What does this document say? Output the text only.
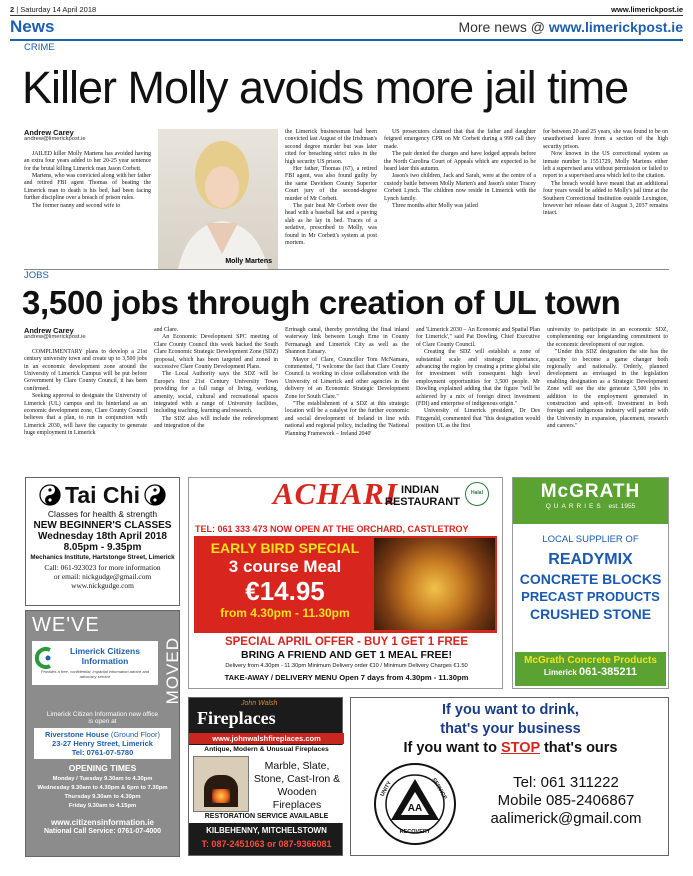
2 | Saturday 14 April 2018	www.limerickpost.ie
News	More news @ www.limerickpost.ie
CRIME
Killer Molly avoids more jail time
Andrew Carey
andrew@limerickpost.ie

JAILED killer Molly Martens has avoided having an extra four years added to her 20-25 year sentence for the brutal killing Limerick man Jason Corbett.

Martens, who was convicted along with her father and retired FBI agent Thomas of beating the Limerick man to death is his bed, had been facing further discipline over a breach of prison rules.

The former nanny and second wife to

Molly Martens

the Limerick businessman had been convicted last August of the Irishman's second degree murder but was later cited for breaching strict rules in the high security US prison.

Her father, Thomas (67), a retired FBI agent, was also found guilty by the same Davidson County Superior Court jury of the second-degree murder of Mr Corbett.

The pair beat Mr Corbett over the head with a baseball bat and a paving slab as he lay in bed. Traces of a sedative, prescribed to Molly, was found in Mr Corbett's system at post mortem.

US prosecutors claimed that that the father and daughter feigned emergency CPR on Mr Corbett during a 999 call they made.

The pair denied the charges and have lodged appeals before the North Carolina Court of Appeals which are expected to be heard later this autumn.

Jason's two children, Jack and Sarah, were at the centre of a custody battle between Molly Marten's and Jason's sister Tracey Corbett Lynch. The children now reside in Limerick with the Lynch family.

Three months after Molly was jailed

for between 20 and 25 years, she was found to be on unauthorised leave from a section of the high security prison.

Now known in the US correctional system as inmate number is 1551729, Molly Martens either left a supervised area without permission or failed to report to a supervised area which led to the citation.

The breach would have meant that an additional four years would be added to Molly's jail time at the Southern Correctional Institution outside Lexington, however her release date of August 3, 2037 remains intact.

JOBS
3,500 jobs through creation of UL town
Andrew Carey
andrew@limerickpost.ie

COMPLIMENTARY plans to develop a 21st century university town and create up to 3,500 jobs in an economic development zone around the University of Limerick Campus will be put before Government by Clare County Council, it has been confirmed.

Seeking approval to designate the University of Limerick (UL) campus and its hinterland as an economic development zone, Clare County Council believes that a plan, to run in conjunction with Limerick 2030, will have the capacity to generate huge employment in Limerick

and Clare.

An Economic Development SPC meeting of Clare County Council this week backed the South Clare Economic Strategic Development Zone (SDZ) proposal, which has been targeted and zoned in successive Clare County Development Plans.

The Local Authority says the SDZ will be Europe's first 21st Century University Town providing for a full range of living, working, amenity, social, cultural and recreational spaces integrated with a range of University facilities, including teaching, learning and research.

The SDZ also will include the redevelopment and integration of the

Errinagh canal, thereby providing the final inland waterway link between Lough Erne in County Fermanagh and Limerick City as well as the Shannon Estuary.

Mayor of Clare, Councillor Tom McNamara, commented, "I welcome the fact that Clare County Council is working in close collaboration with the University of Limerick and other agencies in the delivery of an Economic Strategic Development Zone for South Clare."

"The establishment of a SDZ at this strategic location will be a catalyst for the further economic and social development of Ireland in line with national and regional policy, including the 'National Planning Framework – Ireland 2040'

and 'Limerick 2030 – An Economic and Spatial Plan for Limerick'," said Pat Dowling, Chief Executive of Clare County Council.

Creating the SDZ will establish a zone of substantial scale and strategic importance, advancing the region by creating a prime global site for investment with consequent high level employment opportunities for 3,500 people. Mr Dowling explained adding that the figure "will be achieved by a mix of foreign direct investment (FDI) and enterprise of indigenous origin."

University of Limerick president, Dr Des Fitzgerald, commented that "this designation would position UL as the first

university to participate in an economic SDZ, complementing our longstanding commitment to the economic development of our region.

"Under this SDZ designation the site has the capacity to become a game changer both regionally and nationally. Orderly, planned development as envisaged in the legislation enabling designation as a Strategic Development Zone will see the site generate 3,500 jobs in addition to the employment generated in construction and spin-off. Investment in both foreign and indigenous industry will partner with the University in expansion, placement, research and careers."

Tai Chi
Classes for health & strength
NEW BEGINNER'S CLASSES
Wednesday 18th April 2018
8.05pm - 9.35pm
Mechanics Institute, Hartstonge Street, Limerick
Call: 061-923023 for more information
or email: nickgudge@gmail.com
www.nickgudge.com
ACHARI INDIAN
RESTAURANT
Halal
TEL: 061 333 473 NOW OPEN AT THE ORCHARD, CASTLETROY
EARLY BIRD SPECIAL
3 course Meal
€14.95
from 4.30pm - 11.30pm
SPECIAL APRIL OFFER - BUY 1 GET 1 FREE
BRING A FRIEND AND GET 1 MEAL FREE!
Delivery from 4.30pm - 11.30pm Minimum Delivery order €10 / Minimum Delivery Charges €1.50
TAKE-AWAY / DELIVERY MENU Open 7 days from 4.30pm - 11.30pm
McGRATH
QUARRIES est. 1955
LOCAL SUPPLIER OF
READYMIX
CONCRETE BLOCKS
PRECAST PRODUCTS
CRUSHED STONE
McGrath Concrete Products
Limerick 061-385211
WE'VE
MOVED
Limerick Citizens
Information
Provides a free, confidential, impartial information advice and advocacy service
Limerick Citizen Information new office
is open at
Riverstone House (Ground Floor)
23-27 Henry Street, Limerick
Tel: 0761-07-5780
OPENING TIMES
Monday / Tuesday 9.30am to 4.30pm
Wednesday 9.30am to 4.30pm & 6pm to 7.30pm
Thursday 9.30am to 4.30pm
Friday 9.30am to 4.15pm
www.citizensinformation.ie
National Call Service: 0761-07-4000
John Walsh
Fireplaces
www.johnwalshfireplaces.com
Antique, Modern & Unusual Fireplaces
Marble, Slate, Stone, Cast-Iron & Wooden Fireplaces
RESTORATION SERVICE AVAILABLE
KILBEHENNY, MITCHELSTOWN
T: 087-2451063 or 087-9366081
If you want to drink,
that's your business
If you want to STOP that's ours
AA
UNITY	SERVICE
RECOVERY
Tel: 061 311222
Mobile 085-2406867
aalimerick@gmail.com
